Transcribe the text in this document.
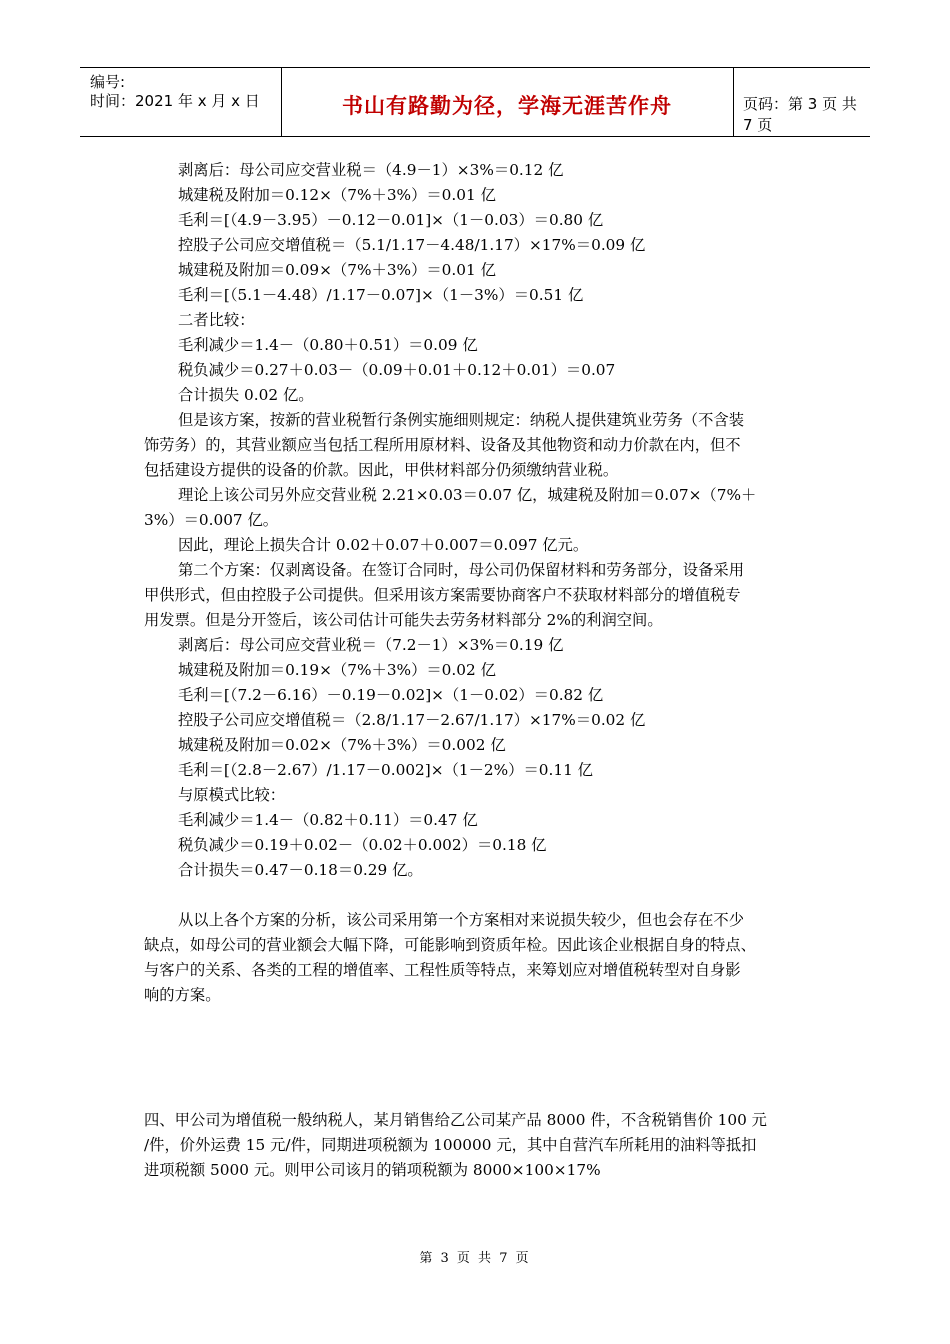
编号:
时间：2021 年 x 月 x 日	书山有路勤为径，学海无涯苦作舟	页码：第 3 页 共 7 页
剥离后：母公司应交营业税＝（4.9－1）×3%＝0.12 亿
城建税及附加＝0.12×（7%＋3%）＝0.01 亿
毛利＝[（4.9－3.95）－0.12－0.01]×（1－0.03）＝0.80 亿
控股子公司应交增值税＝（5.1/1.17－4.48/1.17）×17%＝0.09 亿
城建税及附加＝0.09×（7%＋3%）＝0.01 亿
毛利＝[（5.1－4.48）/1.17－0.07]×（1－3%）＝0.51 亿
二者比较：
毛利减少＝1.4－（0.80＋0.51）＝0.09 亿
税负减少＝0.27＋0.03－（0.09＋0.01＋0.12＋0.01）＝0.07
合计损失 0.02 亿。
但是该方案，按新的营业税暂行条例实施细则规定：纳税人提供建筑业劳务（不含装
饰劳务）的，其营业额应当包括工程所用原材料、设备及其他物资和动力价款在内，但不
包括建设方提供的设备的价款。因此，甲供材料部分仍须缴纳营业税。
理论上该公司另外应交营业税 2.21×0.03＝0.07 亿，城建税及附加＝0.07×（7%＋
3%）＝0.007 亿。
因此，理论上损失合计 0.02＋0.07＋0.007＝0.097 亿元。
第二个方案：仅剥离设备。在签订合同时，母公司仍保留材料和劳务部分，设备采用
甲供形式，但由控股子公司提供。但采用该方案需要协商客户不获取材料部分的增值税专
用发票。但是分开签后，该公司估计可能失去劳务材料部分 2%的利润空间。
剥离后：母公司应交营业税＝（7.2－1）×3%＝0.19 亿
城建税及附加＝0.19×（7%＋3%）＝0.02 亿
毛利＝[（7.2－6.16）－0.19－0.02]×（1－0.02）＝0.82 亿
控股子公司应交增值税＝（2.8/1.17－2.67/1.17）×17%＝0.02 亿
城建税及附加＝0.02×（7%＋3%）＝0.002 亿
毛利＝[（2.8－2.67）/1.17－0.002]×（1－2%）＝0.11 亿
与原模式比较：
毛利减少＝1.4－（0.82＋0.11）＝0.47 亿
税负减少＝0.19＋0.02－（0.02＋0.002）＝0.18 亿
合计损失＝0.47－0.18＝0.29 亿。
从以上各个方案的分析，该公司采用第一个方案相对来说损失较少，但也会存在不少
缺点，如母公司的营业额会大幅下降，可能影响到资质年检。因此该企业根据自身的特点、
与客户的关系、各类的工程的增值率、工程性质等特点，来筹划应对增值税转型对自身影
响的方案。
四、甲公司为增值税一般纳税人，某月销售给乙公司某产品 8000 件，不含税销售价 100 元
/件，价外运费 15 元/件，同期进项税额为 100000 元，其中自营汽车所耗用的油料等抵扣
进项税额 5000 元。则甲公司该月的销项税额为 8000×100×17%
第 3 页 共 7 页
